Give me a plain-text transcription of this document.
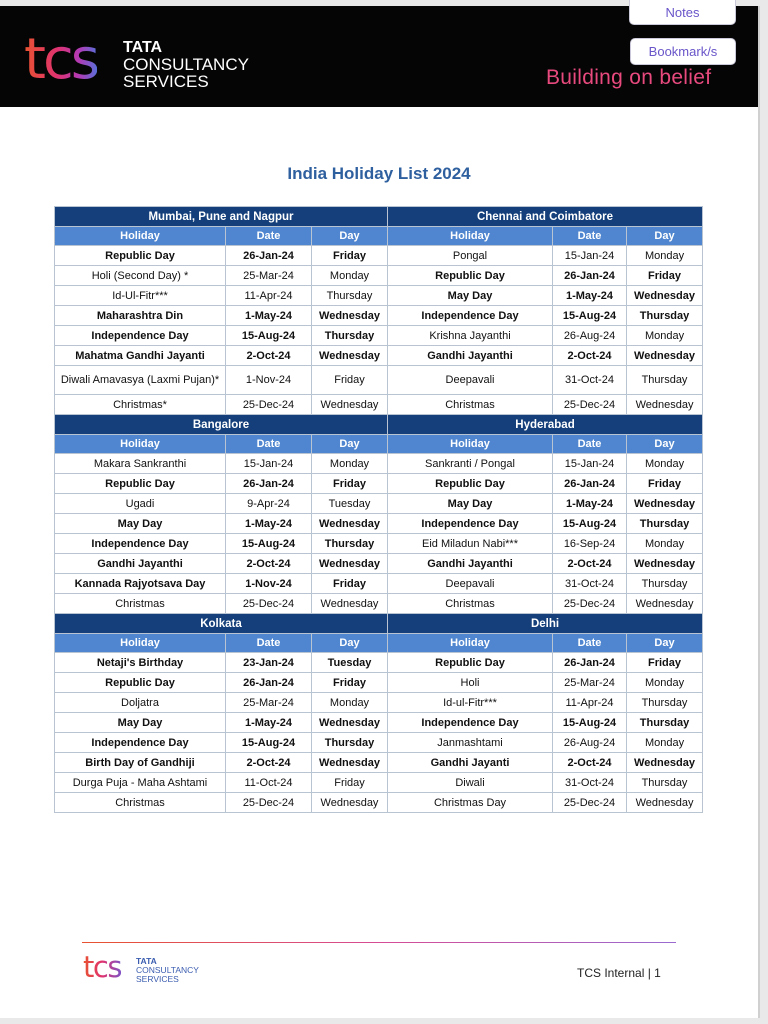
tcs TATA
CONSULTANCY
SERVICES	Building on belief
India Holiday List 2024
Mumbai, Pune and Nagpur			Chennai and Coimbatore		
Holiday	Date	Day	Holiday	Date	Day
Republic Day	26-Jan-24	Friday	Pongal	15-Jan-24	Monday
Holi (Second Day) *	25-Mar-24	Monday	Republic Day	26-Jan-24	Friday
Id-Ul-Fitr***	11-Apr-24	Thursday	May Day	1-May-24	Wednesday
Maharashtra Din	1-May-24	Wednesday	Independence Day	15-Aug-24	Thursday
Independence Day	15-Aug-24	Thursday	Krishna Jayanthi	26-Aug-24	Monday
Mahatma Gandhi Jayanti	2-Oct-24	Wednesday	Gandhi Jayanthi	2-Oct-24	Wednesday
Diwali Amavasya (Laxmi Pujan)*	1-Nov-24	Friday	Deepavali	31-Oct-24	Thursday
Christmas*	25-Dec-24	Wednesday	Christmas	25-Dec-24	Wednesday
Bangalore			Hyderabad		
Holiday	Date	Day	Holiday	Date	Day
Makara Sankranthi	15-Jan-24	Monday	Sankranti / Pongal	15-Jan-24	Monday
Republic Day	26-Jan-24	Friday	Republic Day	26-Jan-24	Friday
Ugadi	9-Apr-24	Tuesday	May Day	1-May-24	Wednesday
May Day	1-May-24	Wednesday	Independence Day	15-Aug-24	Thursday
Independence Day	15-Aug-24	Thursday	Eid Miladun Nabi***	16-Sep-24	Monday
Gandhi Jayanthi	2-Oct-24	Wednesday	Gandhi Jayanthi	2-Oct-24	Wednesday
Kannada Rajyotsava Day	1-Nov-24	Friday	Deepavali	31-Oct-24	Thursday
Christmas	25-Dec-24	Wednesday	Christmas	25-Dec-24	Wednesday
Kolkata			Delhi		
Holiday	Date	Day	Holiday	Date	Day
Netaji's Birthday	23-Jan-24	Tuesday	Republic Day	26-Jan-24	Friday
Republic Day	26-Jan-24	Friday	Holi	25-Mar-24	Monday
Doljatra	25-Mar-24	Monday	Id-ul-Fitr***	11-Apr-24	Thursday
May Day	1-May-24	Wednesday	Independence Day	15-Aug-24	Thursday
Independence Day	15-Aug-24	Thursday	Janmashtami	26-Aug-24	Monday
Birth Day of Gandhiji	2-Oct-24	Wednesday	Gandhi Jayanti	2-Oct-24	Wednesday
Durga Puja - Maha Ashtami	11-Oct-24	Friday	Diwali	31-Oct-24	Thursday
Christmas	25-Dec-24	Wednesday	Christmas Day	25-Dec-24	Wednesday
tcs TATA
CONSULTANCY
SERVICES	TCS Internal | 1
Notes
Bookmark/s
